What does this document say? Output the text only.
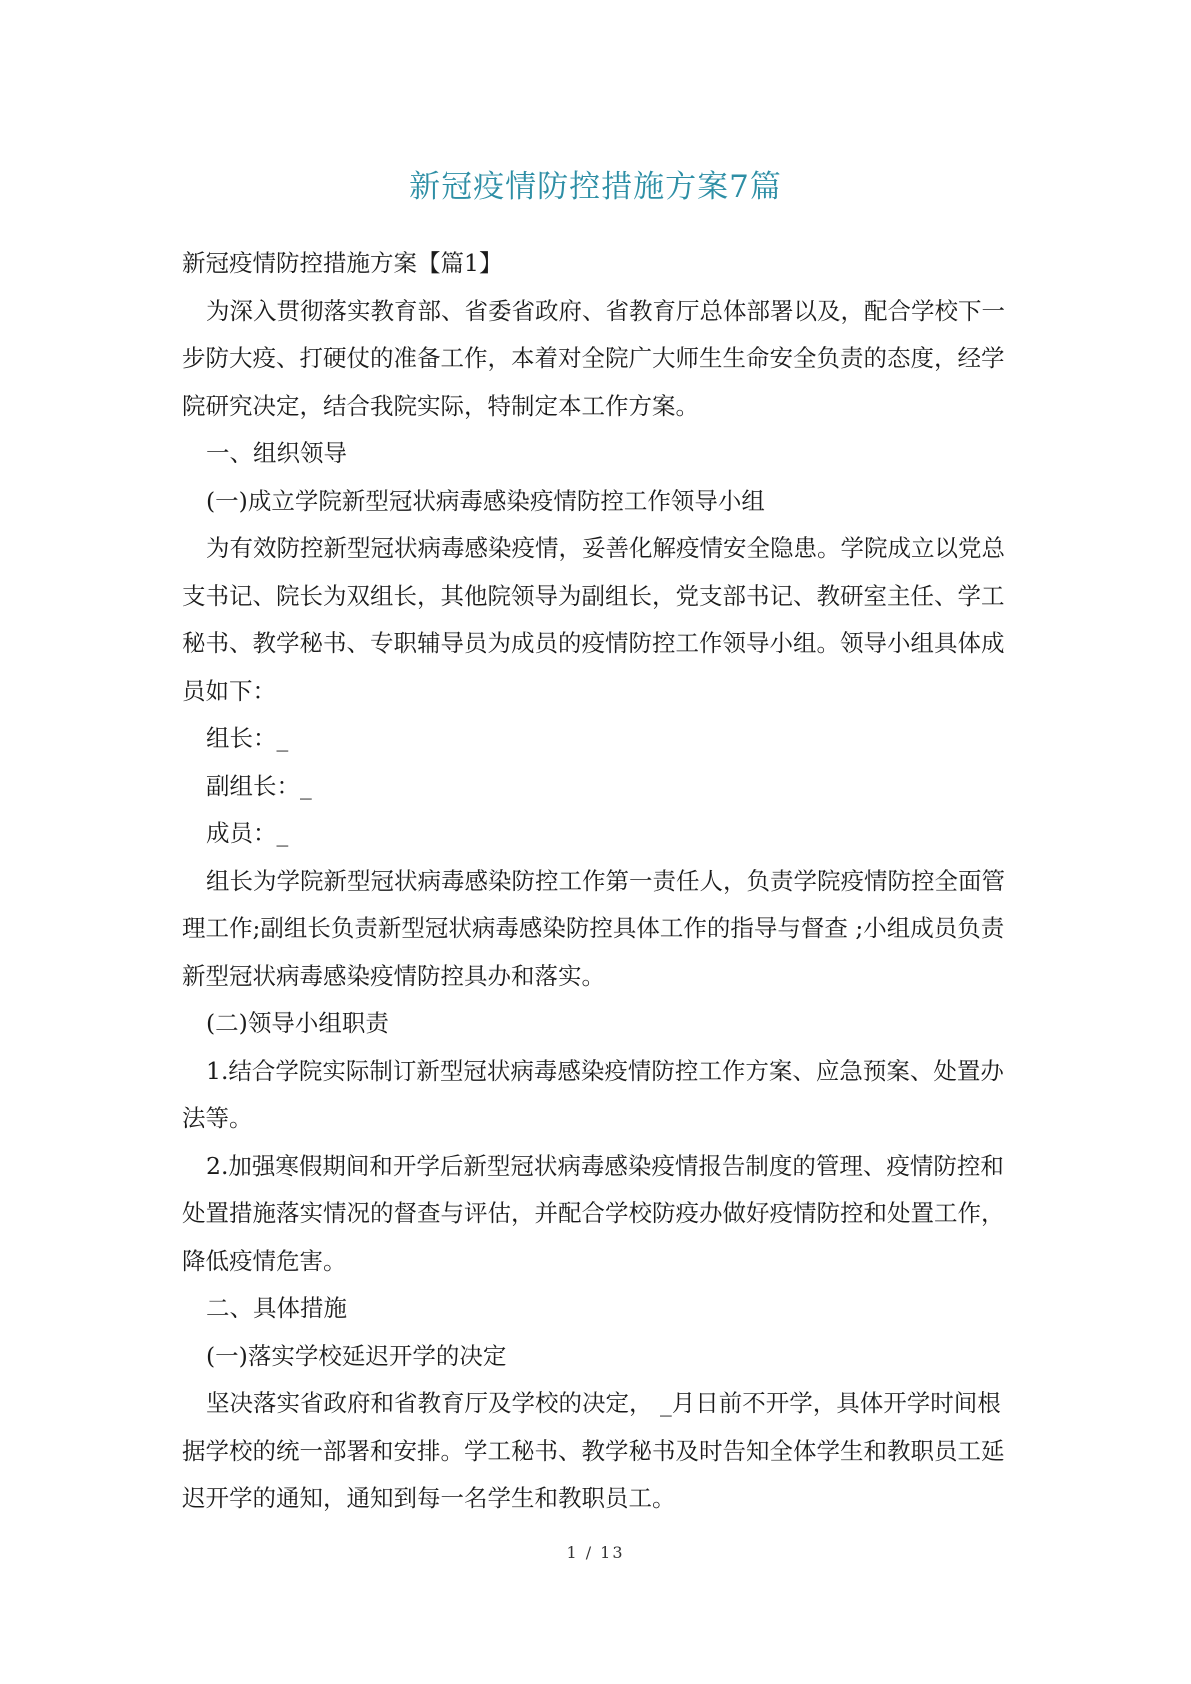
新冠疫情防控措施方案7篇

新冠疫情防控措施方案【篇1】

为深入贯彻落实教育部、省委省政府、省教育厅总体部署以及，配合学校下一步防大疫、打硬仗的准备工作，本着对全院广大师生生命安全负责的态度，经学院研究决定，结合我院实际，特制定本工作方案。

一、组织领导

(一)成立学院新型冠状病毒感染疫情防控工作领导小组

为有效防控新型冠状病毒感染疫情，妥善化解疫情安全隐患。学院成立以党总支书记、院长为双组长，其他院领导为副组长，党支部书记、教研室主任、学工秘书、教学秘书、专职辅导员为成员的疫情防控工作领导小组。领导小组具体成员如下：

组长：_

副组长：_

成员：_

组长为学院新型冠状病毒感染防控工作第一责任人，负责学院疫情防控全面管理工作;副组长负责新型冠状病毒感染防控具体工作的指导与督查 ;小组成员负责新型冠状病毒感染疫情防控具办和落实。

(二)领导小组职责

1.结合学院实际制订新型冠状病毒感染疫情防控工作方案、应急预案、处置办法等。

2.加强寒假期间和开学后新型冠状病毒感染疫情报告制度的管理、疫情防控和处置措施落实情况的督查与评估，并配合学校防疫办做好疫情防控和处置工作，降低疫情危害。

二、具体措施

(一)落实学校延迟开学的决定

坚决落实省政府和省教育厅及学校的决定， _月日前不开学，具体开学时间根据学校的统一部署和安排。学工秘书、教学秘书及时告知全体学生和教职员工延迟开学的通知，通知到每一名学生和教职员工。

1 / 13
